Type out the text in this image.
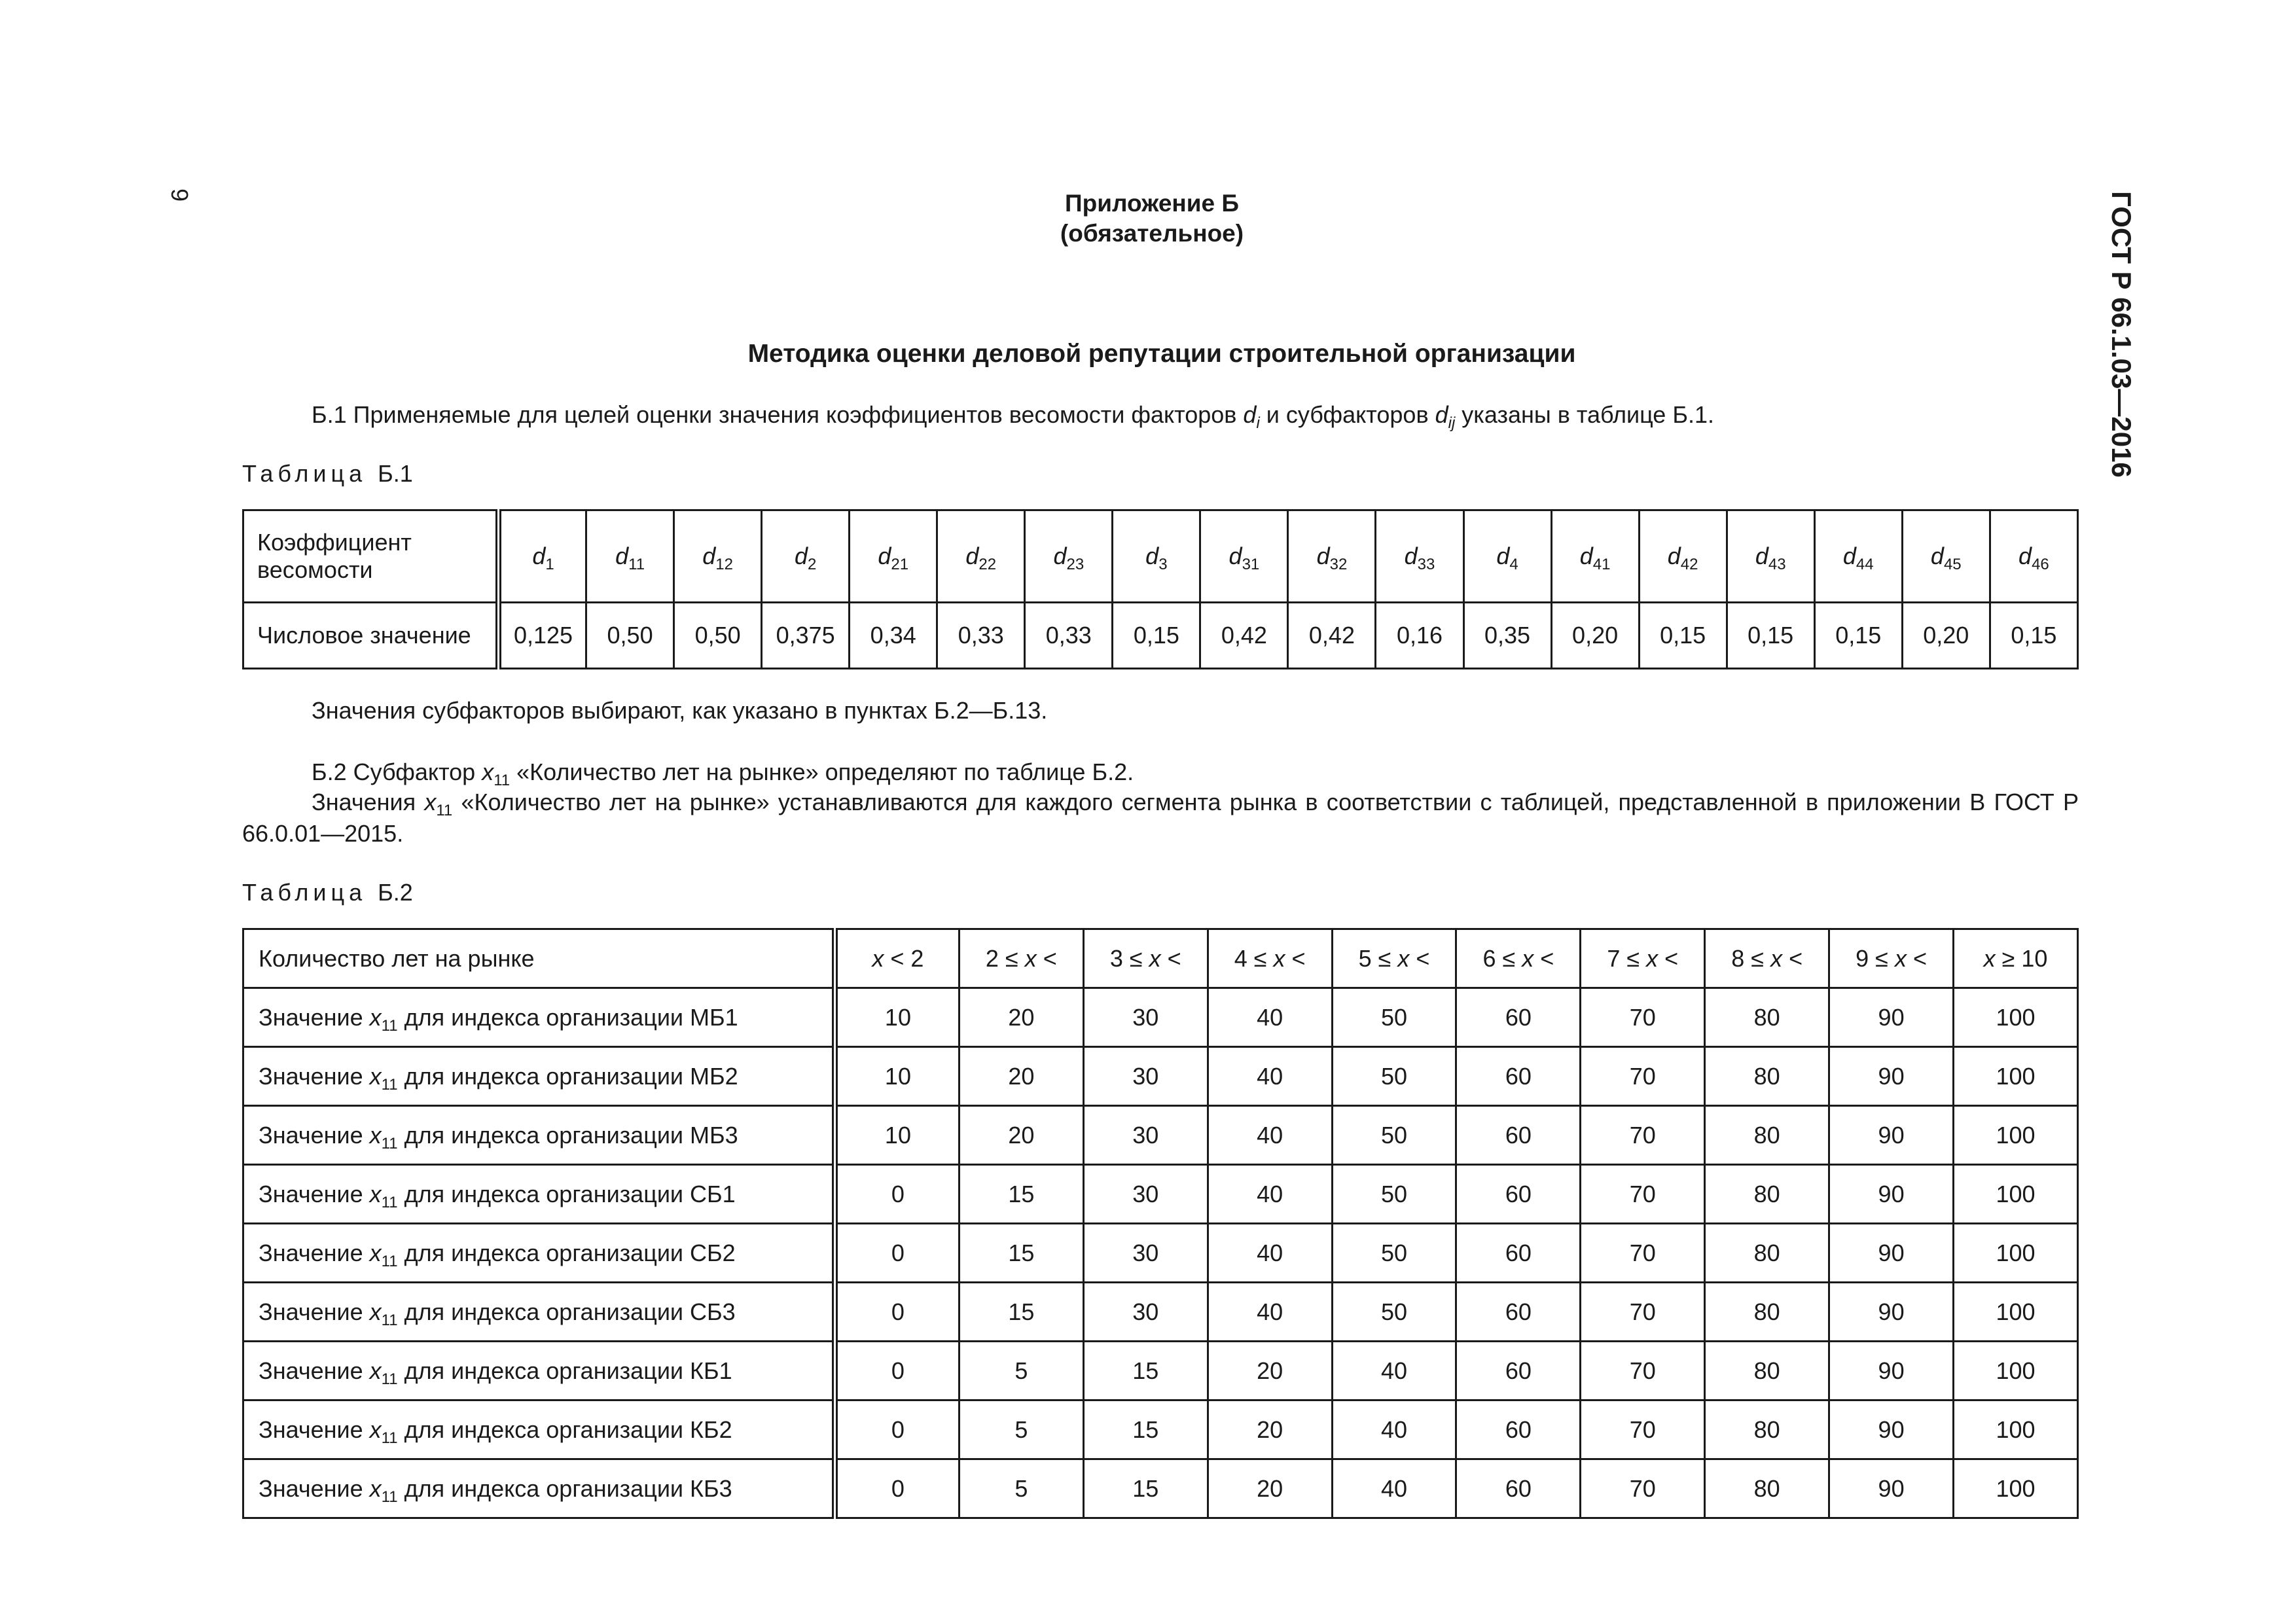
9	ГОСТ Р 66.1.03—2016
Приложение Б
(обязательное)
Методика оценки деловой репутации строительной организации
Б.1 Применяемые для целей оценки значения коэффициентов весомости факторов $d_i$ и субфакторов $d_{ij}$ указаны в таблице Б.1.
Таблица Б.1
Коэффициент весомости	$d_1$	$d_{11}$	$d_{12}$	$d_2$	$d_{21}$	$d_{22}$	$d_{23}$	$d_3$	$d_{31}$	$d_{32}$	$d_{33}$	$d_4$	$d_{41}$	$d_{42}$	$d_{43}$	$d_{44}$	$d_{45}$	$d_{46}$
Числовое значение	0,125	0,50	0,50	0,375	0,34	0,33	0,33	0,15	0,42	0,42	0,16	0,35	0,20	0,15	0,15	0,15	0,20	0,15
Значения субфакторов выбирают, как указано в пунктах Б.2—Б.13.
Б.2 Субфактор $x_{11}$ «Количество лет на рынке» определяют по таблице Б.2.
Значения $x_{11}$ «Количество лет на рынке» устанавливаются для каждого сегмента рынка в соответствии с таблицей, представленной в приложении В ГОСТ Р 66.0.01—2015.
Таблица Б.2
Количество лет на рынке	x < 2	2 ≤ x <	3 ≤ x <	4 ≤ x <	5 ≤ x <	6 ≤ x <	7 ≤ x <	8 ≤ x <	9 ≤ x <	x ≥ 10
Значение $x_{11}$ для индекса организации МБ1	10	20	30	40	50	60	70	80	90	100
Значение $x_{11}$ для индекса организации МБ2	10	20	30	40	50	60	70	80	90	100
Значение $x_{11}$ для индекса организации МБ3	10	20	30	40	50	60	70	80	90	100
Значение $x_{11}$ для индекса организации СБ1	0	15	30	40	50	60	70	80	90	100
Значение $x_{11}$ для индекса организации СБ2	0	15	30	40	50	60	70	80	90	100
Значение $x_{11}$ для индекса организации СБ3	0	15	30	40	50	60	70	80	90	100
Значение $x_{11}$ для индекса организации КБ1	0	5	15	20	40	60	70	80	90	100
Значение $x_{11}$ для индекса организации КБ2	0	5	15	20	40	60	70	80	90	100
Значение $x_{11}$ для индекса организации КБ3	0	5	15	20	40	60	70	80	90	100
